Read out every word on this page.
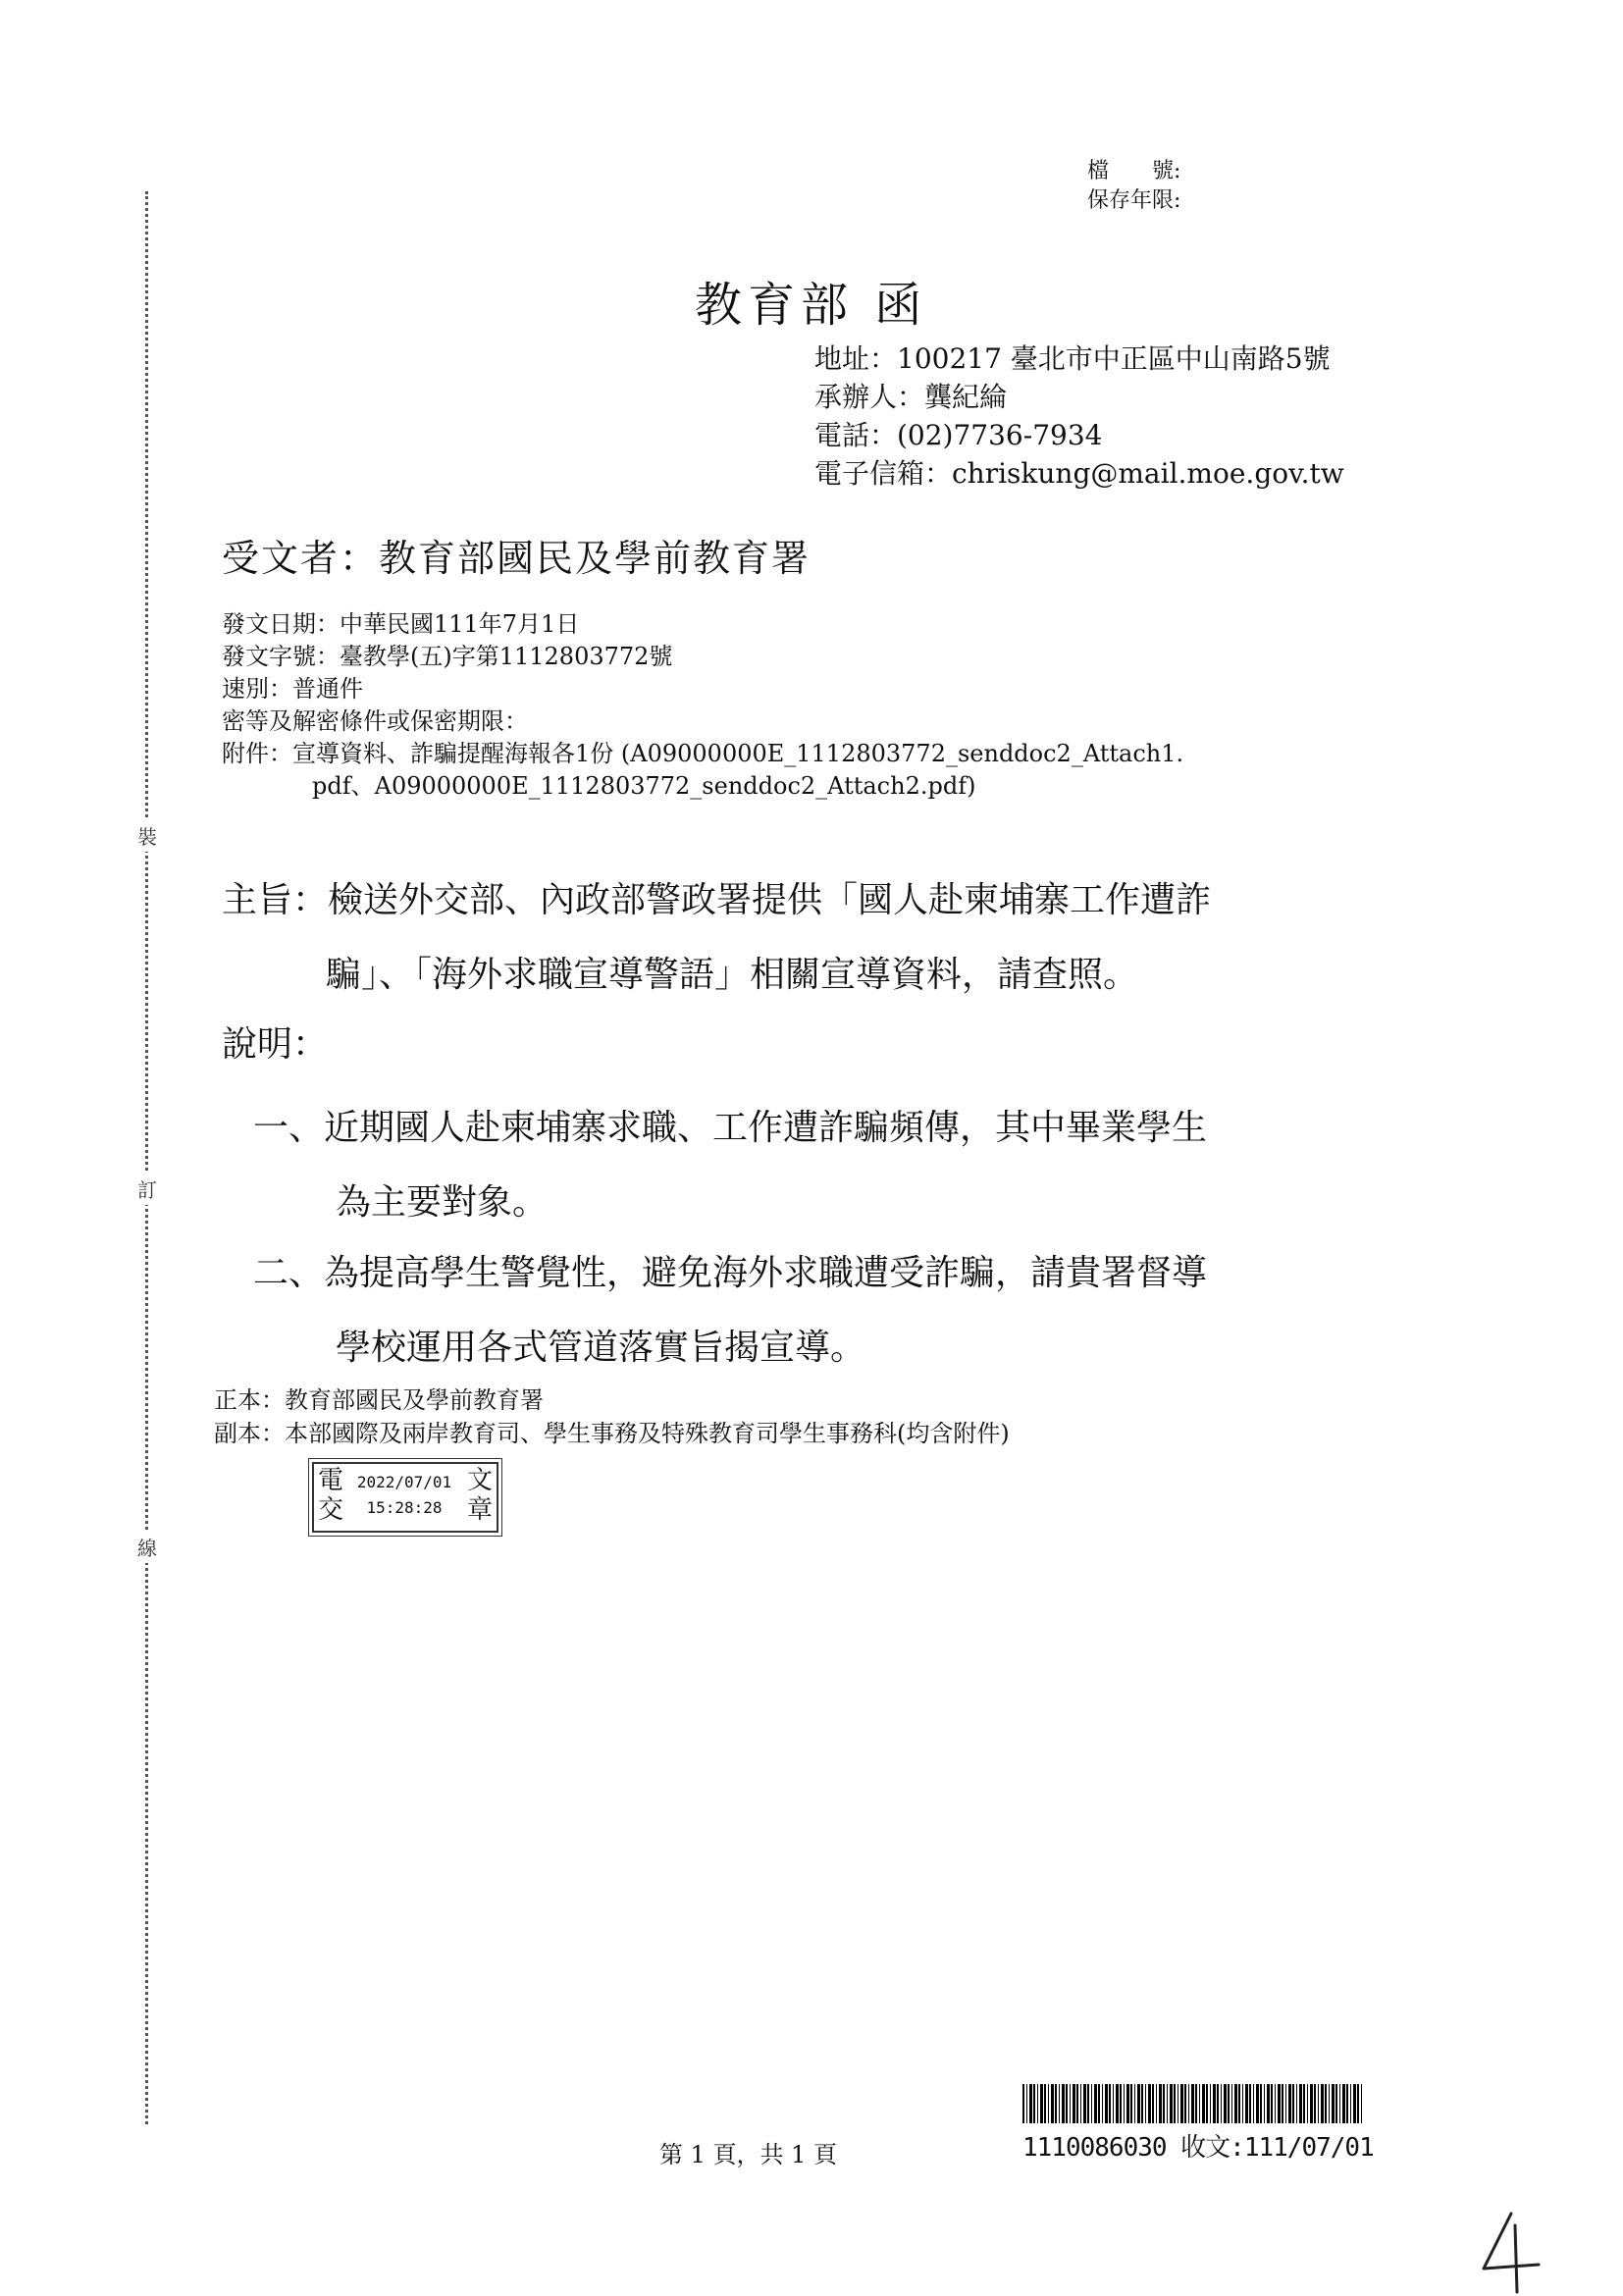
裝
訂
線
檔　　號:
保存年限:
教育部 函
地址：100217 臺北市中正區中山南路5號
承辦人：龔紀綸
電話：(02)7736-7934
電子信箱：chriskung@mail.moe.gov.tw
受文者：教育部國民及學前教育署
發文日期：中華民國111年7月1日
發文字號：臺教學(五)字第1112803772號
速別：普通件
密等及解密條件或保密期限：
附件：宣導資料、詐騙提醒海報各1份 (A09000000E_1112803772_senddoc2_Attach1.
pdf、A09000000E_1112803772_senddoc2_Attach2.pdf)
主旨：檢送外交部、內政部警政署提供「國人赴柬埔寨工作遭詐
騙」、「海外求職宣導警語」相關宣導資料，請查照。
說明：
一、近期國人赴柬埔寨求職、工作遭詐騙頻傳，其中畢業學生
為主要對象。
二、為提高學生警覺性，避免海外求職遭受詐騙，請貴署督導
學校運用各式管道落實旨揭宣導。
正本：教育部國民及學前教育署
副本：本部國際及兩岸教育司、學生事務及特殊教育司學生事務科(均含附件)
電
交
2022/07/01
15:28:28
文
章
第 1 頁，共 1 頁	1110086030 收文:111/07/01
